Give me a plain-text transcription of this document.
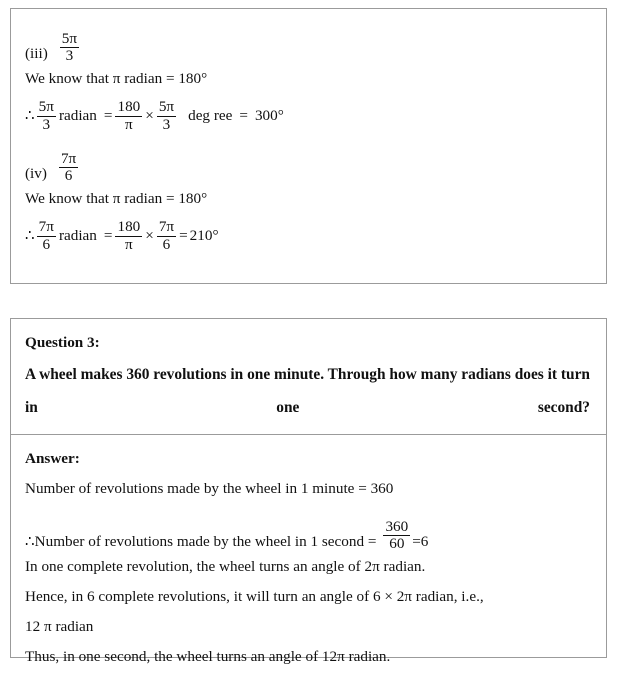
$(iii) \frac{5\pi}{3}$
We know that π radian = 180°
∴ $\frac{5\pi}{3}$ radian = $\frac{180}{\pi} \times \frac{5\pi}{3}$ deg ree = 300°
$(iv) \frac{7\pi}{6}$
We know that π radian = 180°
∴ $\frac{7\pi}{6}$ radian = $\frac{180}{\pi} \times \frac{7\pi}{6} = 210^\circ$
Question 3:

A wheel makes 360 revolutions in one minute. Through how many radians does it turn in one second?

Answer:
Number of revolutions made by the wheel in 1 minute = 360
∴ Number of revolutions made by the wheel in 1 second = $\frac{360}{60} = 6$
In one complete revolution, the wheel turns an angle of 2π radian.
Hence, in 6 complete revolutions, it will turn an angle of 6 × 2π radian, i.e.,
12 π radian
Thus, in one second, the wheel turns an angle of 12π radian.
